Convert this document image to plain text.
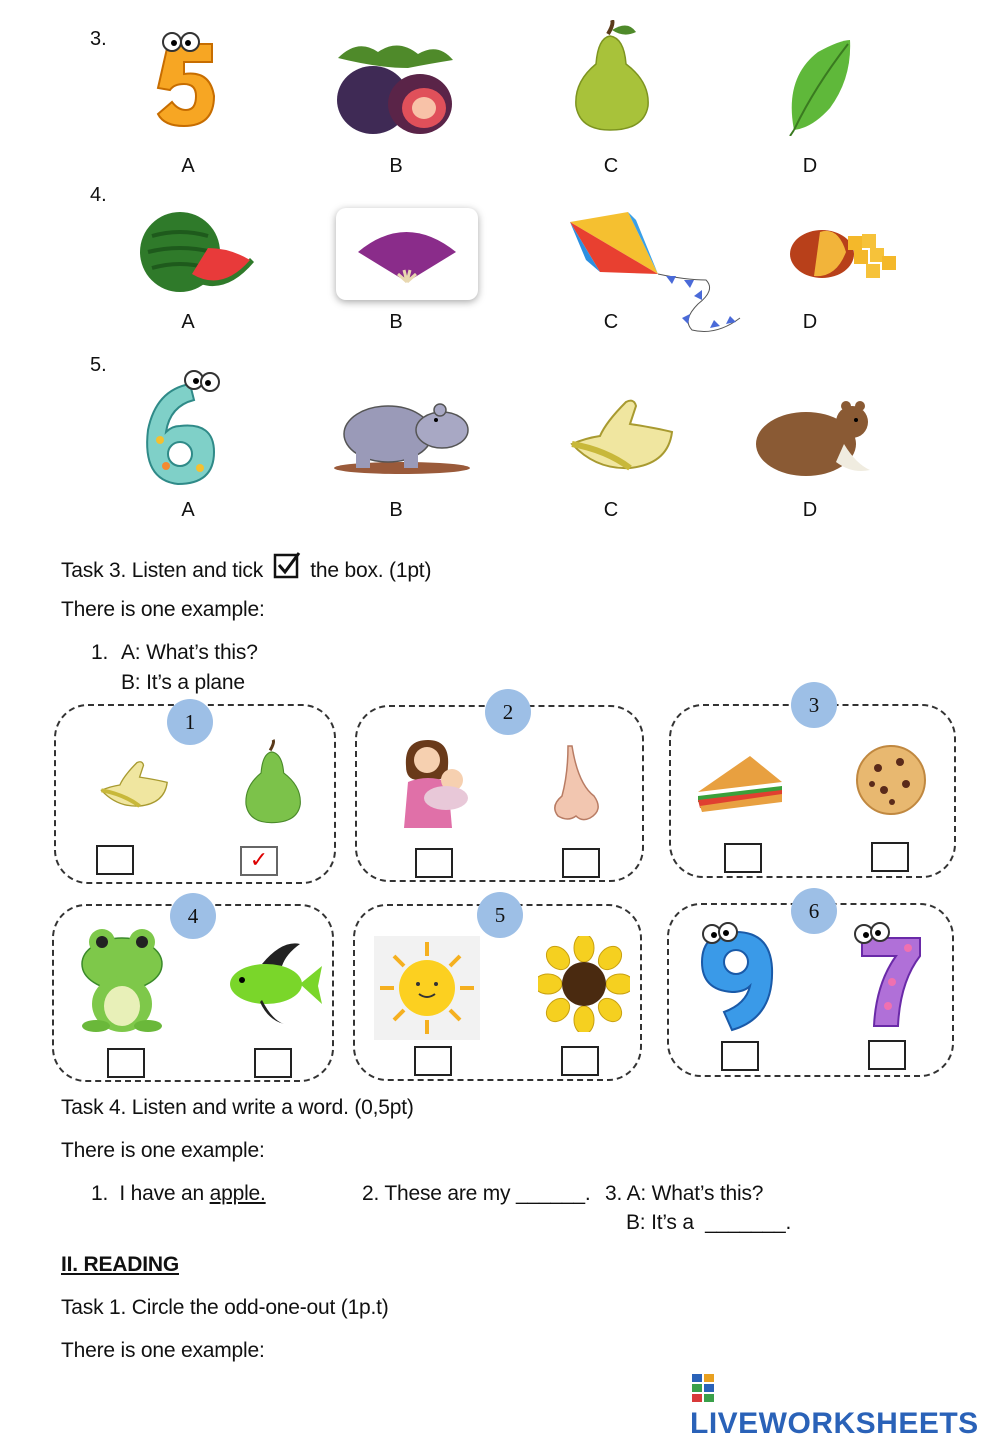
3.
A	B	C	D
4.
A	B	C	D
5.
A	B	C	D
Task 3. Listen and tick the box. (1pt)
There is one example:
1. A: What’s this?
B: It’s a plane
1
✓
2	3
4	5	6
Task 4. Listen and write a word. (0,5pt)
There is one example:
1.  I have an apple.	2. These are my ______. 3. A: What’s this?
B: It’s a _______.
II. READING
Task 1. Circle the odd-one-out (1p.t)
There is one example:
LIVEWORKSHEETS
